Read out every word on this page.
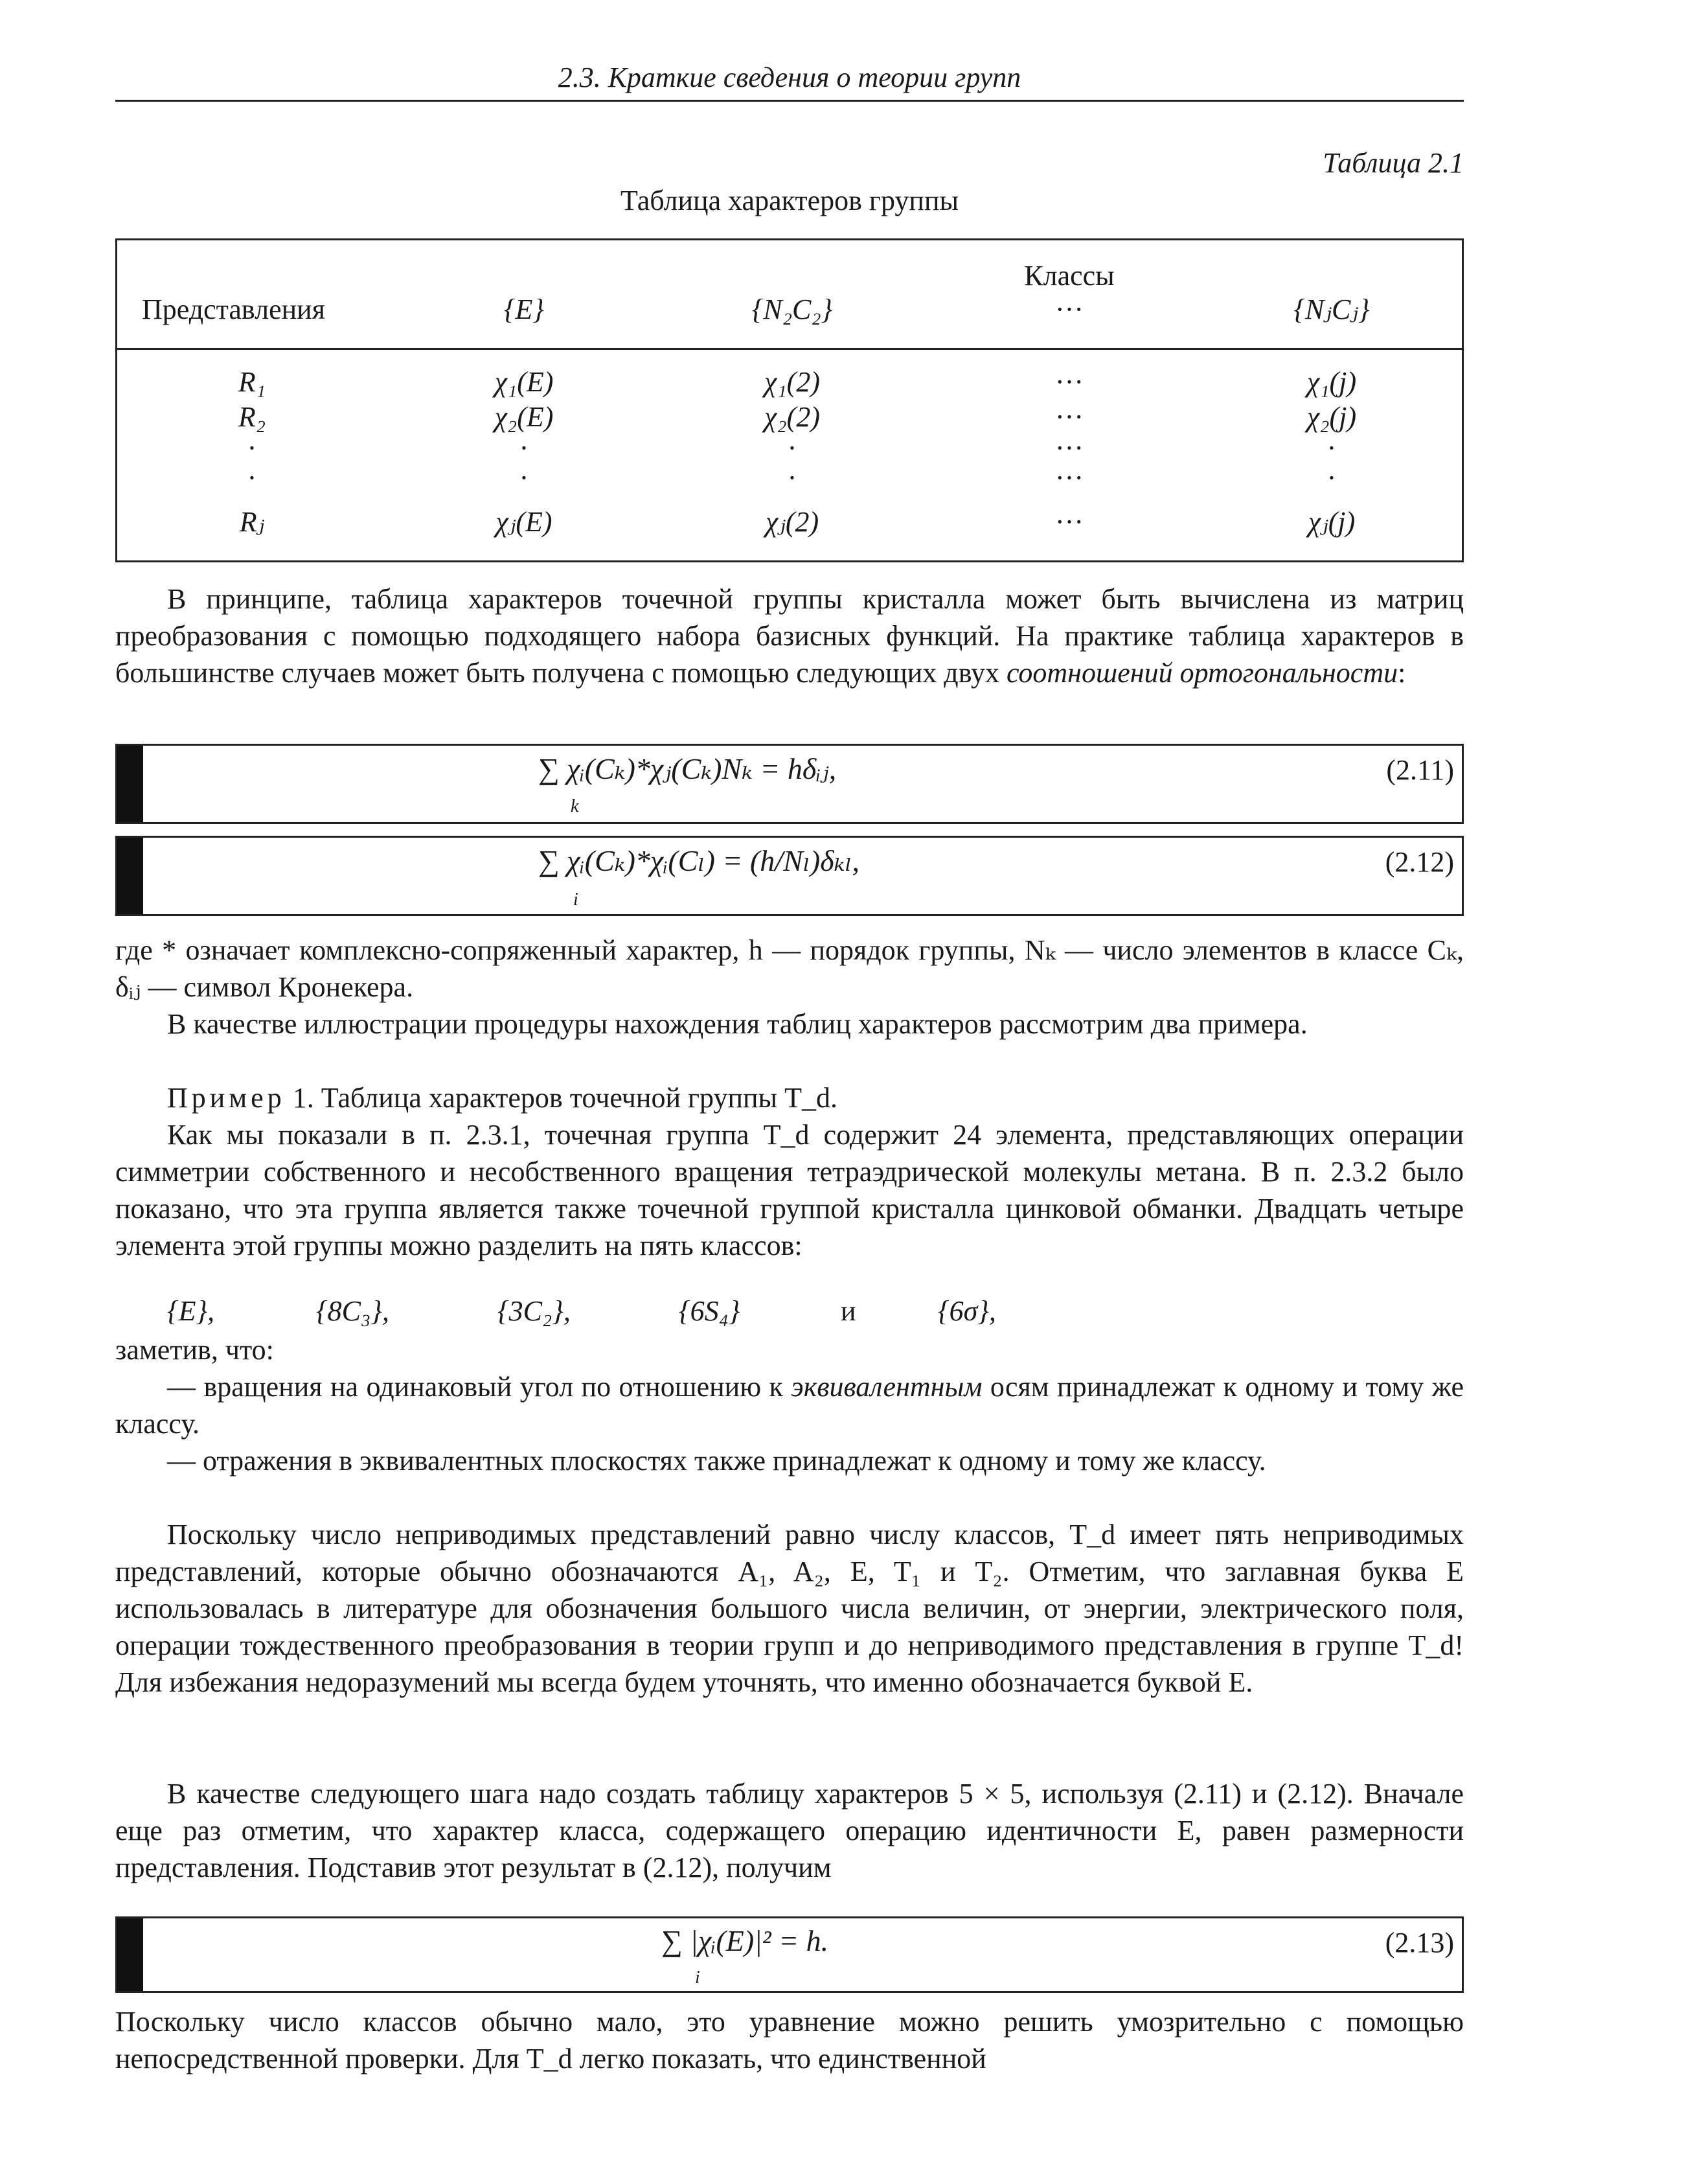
2.3. Краткие сведения о теории групп
Таблица 2.1
Таблица характеров группы
Классы
Представления	{E}	{N₂C₂}	···	{NⱼCⱼ}
R₁	χ₁(E)	χ₁(2)	···	χ₁(j)
R₂	χ₂(E)	χ₂(2)	···	χ₂(j)
·	·	·	···	·
·	·	·	···	·
Rⱼ	χⱼ(E)	χⱼ(2)	···	χⱼ(j)

В принципе, таблица характеров точечной группы кристалла может быть вычислена из матриц преобразования с помощью подходящего набора базисных функций. На практике таблица характеров в большинстве случаев может быть получена с помощью следующих двух соотношений ортогональности:

∑ χᵢ(Cₖ)*χⱼ(Cₖ)Nₖ = hδᵢⱼ,
k
(2.11)
∑ χᵢ(Cₖ)*χᵢ(Cₗ) = (h/Nₗ)δₖₗ,
i
(2.12)

где * означает комплексно-сопряженный характер, h — порядок группы, Nₖ — число элементов в классе Cₖ, δᵢⱼ — символ Кронекера.

В качестве иллюстрации процедуры нахождения таблиц характеров рассмотрим два примера.

Пример 1. Таблица характеров точечной группы T_d.

Как мы показали в п. 2.3.1, точечная группа T_d содержит 24 элемента, представляющих операции симметрии собственного и несобственного вращения тетраэдрической молекулы метана. В п. 2.3.2 было показано, что эта группа является также точечной группой кристалла цинковой обманки. Двадцать четыре элемента этой группы можно разделить на пять классов:

{E},	{8C₃},	{3C₂},	{6S₄}	и	{6σ},

заметив, что:

— вращения на одинаковый угол по отношению к эквивалентным осям принадлежат к одному и тому же классу.

— отражения в эквивалентных плоскостях также принадлежат к одному и тому же классу.

Поскольку число неприводимых представлений равно числу классов, T_d имеет пять неприводимых представлений, которые обычно обозначаются A₁, A₂, E, T₁ и T₂. Отметим, что заглавная буква E использовалась в литературе для обозначения большого числа величин, от энергии, электрического поля, операции тождественного преобразования в теории групп и до неприводимого представления в группе T_d! Для избежания недоразумений мы всегда будем уточнять, что именно обозначается буквой E.

В качестве следующего шага надо создать таблицу характеров 5 × 5, используя (2.11) и (2.12). Вначале еще раз отметим, что характер класса, содержащего операцию идентичности E, равен размерности представления. Подставив этот результат в (2.12), получим

∑ |χᵢ(E)|² = h.
i
(2.13)

Поскольку число классов обычно мало, это уравнение можно решить умозрительно с помощью непосредственной проверки. Для T_d легко показать, что единственной
